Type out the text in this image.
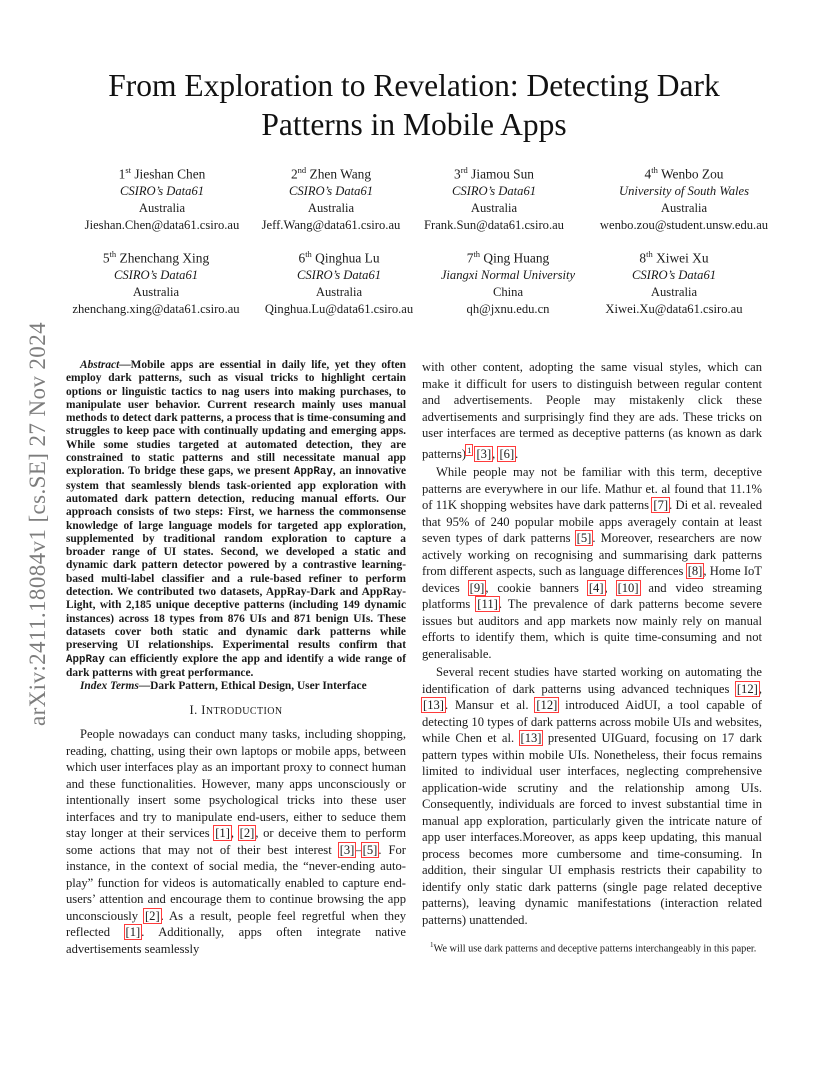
arXiv:2411.18084v1 [cs.SE] 27 Nov 2024
From Exploration to Revelation: Detecting Dark
Patterns in Mobile Apps
1st Jieshan Chen
CSIRO’s Data61
Australia
Jieshan.Chen@data61.csiro.au
2nd Zhen Wang
CSIRO’s Data61
Australia
Jeff.Wang@data61.csiro.au
3rd Jiamou Sun
CSIRO’s Data61
Australia
Frank.Sun@data61.csiro.au
4th Wenbo Zou
University of South Wales
Australia
wenbo.zou@student.unsw.edu.au
5th Zhenchang Xing
CSIRO’s Data61
Australia
zhenchang.xing@data61.csiro.au
6th Qinghua Lu
CSIRO’s Data61
Australia
Qinghua.Lu@data61.csiro.au
7th Qing Huang
Jiangxi Normal University
China
qh@jxnu.edu.cn
8th Xiwei Xu
CSIRO’s Data61
Australia
Xiwei.Xu@data61.csiro.au

Abstract—Mobile apps are essential in daily life, yet they often employ dark patterns, such as visual tricks to highlight certain options or linguistic tactics to nag users into making purchases, to manipulate user behavior. Current research mainly uses manual methods to detect dark patterns, a process that is time-consuming and struggles to keep pace with continually updating and emerging apps. While some studies targeted at automated detection, they are constrained to static patterns and still necessitate manual app exploration. To bridge these gaps, we present AppRay, an innovative system that seamlessly blends task-oriented app exploration with automated dark pattern detection, reducing manual efforts. Our approach consists of two steps: First, we harness the commonsense knowledge of large language models for targeted app exploration, supplemented by traditional random exploration to capture a broader range of UI states. Second, we developed a static and dynamic dark pattern detector powered by a contrastive learning-based multi-label classifier and a rule-based refiner to perform detection. We contributed two datasets, AppRay-Dark and AppRay-Light, with 2,185 unique deceptive patterns (including 149 dynamic instances) across 18 types from 876 UIs and 871 benign UIs. These datasets cover both static and dynamic dark patterns while preserving UI relationships. Experimental results confirm that AppRay can efficiently explore the app and identify a wide range of dark patterns with great performance.

Index Terms—Dark Pattern, Ethical Design, User Interface

I. INTRODUCTION

People nowadays can conduct many tasks, including shopping, reading, chatting, using their own laptops or mobile apps, between which user interfaces play as an important proxy to connect human and these functionalities. However, many apps unconsciously or intentionally insert some psychological tricks into these user interfaces and try to manipulate end-users, either to seduce them stay longer at their services [1], [2], or deceive them to perform some actions that may not of their best interest [3]–[5]. For instance, in the context of social media, the “never-ending auto-play” function for videos is automatically enabled to capture end-users’ attention and encourage them to continue browsing the app unconsciously [2]. As a result, people feel regretful when they reflected [1]. Additionally, apps often integrate native advertisements seamlessly

with other content, adopting the same visual styles, which can make it difficult for users to distinguish between regular content and advertisements. People may mistakenly click these advertisements and surprisingly find they are ads. These tricks on user interfaces are termed as deceptive patterns (as known as dark patterns)$^1$ [3], [6].

While people may not be familiar with this term, deceptive patterns are everywhere in our life. Mathur et. al found that 11.1% of 11K shopping websites have dark patterns [7]. Di et al. revealed that 95% of 240 popular mobile apps averagely contain at least seven types of dark patterns [5]. Moreover, researchers are now actively working on recognising and summarising dark patterns from different aspects, such as language differences [8], Home IoT devices [9], cookie banners [4], [10] and video streaming platforms [11]. The prevalence of dark patterns become severe issues but auditors and app markets now mainly rely on manual efforts to identify them, which is quite time-consuming and not generalisable.

Several recent studies have started working on automating the identification of dark patterns using advanced techniques [12], [13]. Mansur et al. [12] introduced AidUI, a tool capable of detecting 10 types of dark patterns across mobile UIs and websites, while Chen et al. [13] presented UIGuard, focusing on 17 dark pattern types within mobile UIs. Nonetheless, their focus remains limited to individual user interfaces, neglecting comprehensive application-wide scrutiny and the relationship among UIs. Consequently, individuals are forced to invest substantial time in manual app exploration, particularly given the intricate nature of app user interfaces.Moreover, as apps keep updating, this manual process becomes more cumbersome and time-consuming. In addition, their singular UI emphasis restricts their capability to identify only static dark patterns (single page related deceptive patterns), leaving dynamic manifestations (interaction related patterns) unattended.

$^1$We will use dark patterns and deceptive patterns interchangeably in this paper.
